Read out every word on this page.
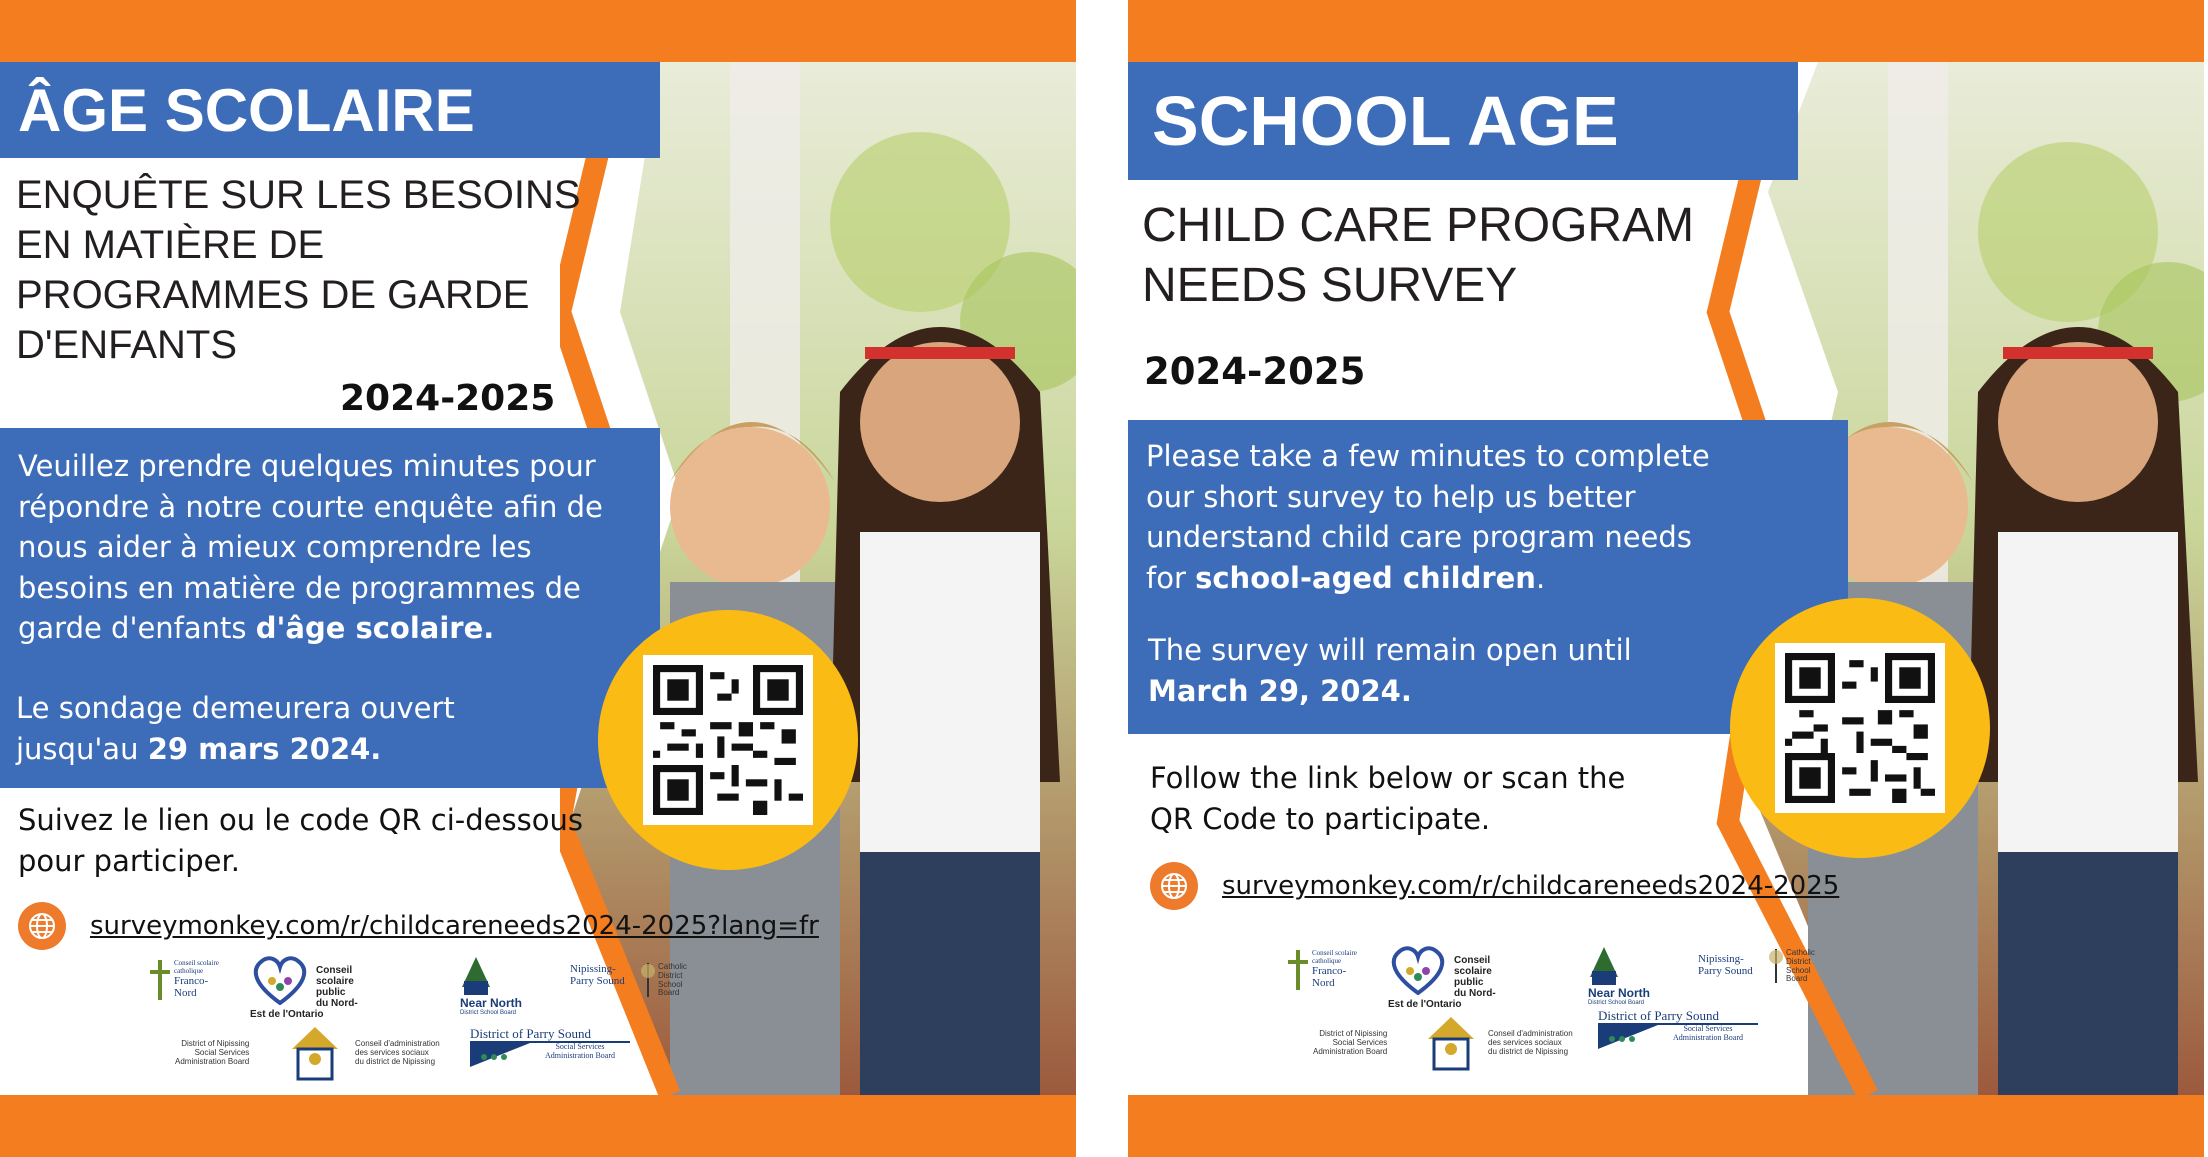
ÂGE SCOLAIRE
ENQUÊTE SUR LES BESOINS
EN MATIÈRE DE
PROGRAMMES DE GARDE
D'ENFANTS
2024-2025
Veuillez prendre quelques minutes pour
répondre à notre courte enquête afin de
nous aider à mieux comprendre les
besoins en matière de programmes de
garde d'enfants d'âge scolaire.
Le sondage demeurera ouvert
jusqu'au 29 mars 2024.
Suivez le lien ou le code QR ci-dessous
pour participer.
surveymonkey.com/r/childcareneeds2024-2025?lang=fr
Conseil scolaire catholique
Franco-Nord
Conseil scolaire public
du Nord-Est de l'Ontario
Near North
District School Board
Nipissing-
Parry Sound
Catholic
District
School Board
District of Nipissing
Social Services
Administration Board
Conseil d'administration
des services sociaux
du district de Nipissing
District of Parry Sound
Social Services
Administration Board
SCHOOL AGE
CHILD CARE PROGRAM
NEEDS SURVEY
2024-2025
Please take a few minutes to complete
our short survey to help us better
understand child care program needs
for school-aged children.
The survey will remain open until
March 29, 2024.
Follow the link below or scan the
QR Code to participate.
surveymonkey.com/r/childcareneeds2024-2025
Conseil scolaire catholique
Franco-Nord
Conseil scolaire public
du Nord-Est de l'Ontario
Near North
District School Board
Nipissing-
Parry Sound
Catholic
District
School Board
District of Nipissing
Social Services
Administration Board
Conseil d'administration
des services sociaux
du district de Nipissing
District of Parry Sound
Social Services
Administration Board
